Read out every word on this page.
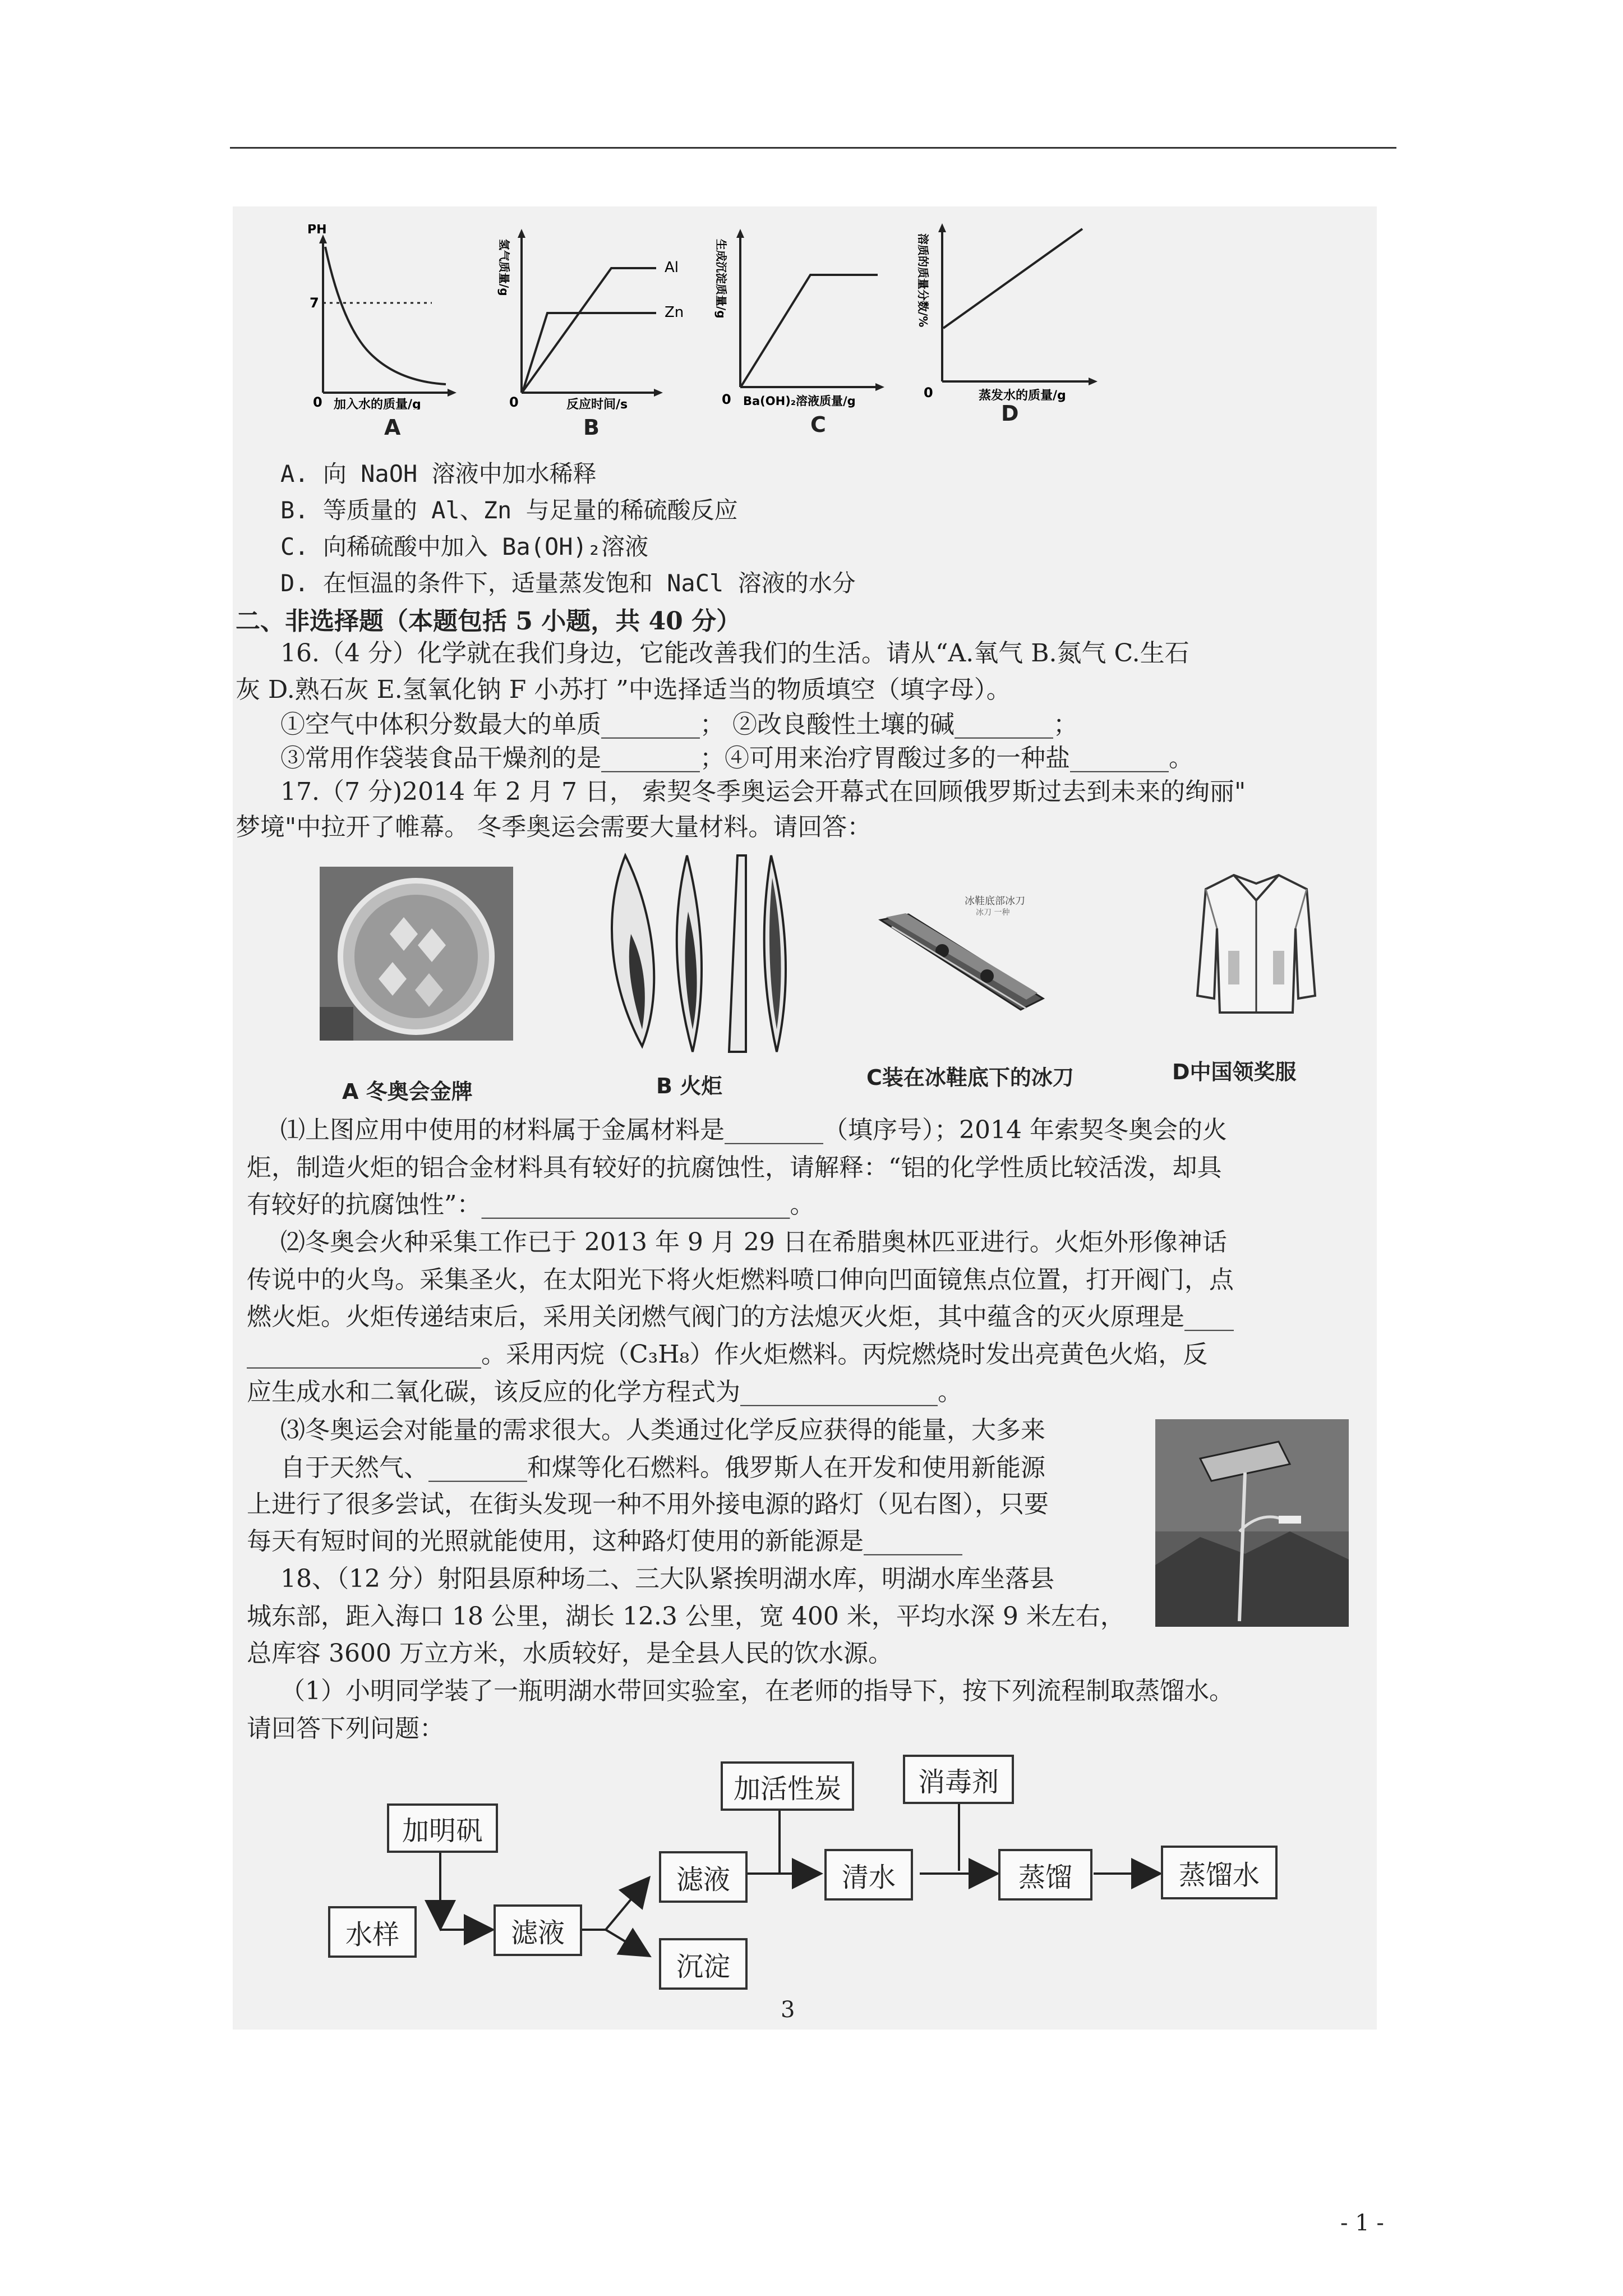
PH
7
0 加入水的质量/g
A
氢气质量/g	Al
Zn
0	反应时间/s
B
生成沉淀质量/g
0 Ba(OH)₂溶液质量/g
C
溶质的质量分数/%
0	蒸发水的质量/g
D
A. 向 NaOH 溶液中加水稀释
B. 等质量的 Al、Zn 与足量的稀硫酸反应
C. 向稀硫酸中加入 Ba(OH)₂溶液
D. 在恒温的条件下，适量蒸发饱和 NaCl 溶液的水分
二、非选择题（本题包括 5 小题，共 40 分）
16.（4 分）化学就在我们身边，它能改善我们的生活。请从“A.氧气 B.氮气 C.生石
灰 D.熟石灰 E.氢氧化钠 F 小苏打 ”中选择适当的物质填空（填字母）。
①空气中体积分数最大的单质________； ②改良酸性土壤的碱________；
③常用作袋装食品干燥剂的是________；④可用来治疗胃酸过多的一种盐________。
17.（7 分)2014 年 2 月 7 日， 索契冬季奥运会开幕式在回顾俄罗斯过去到未来的绚丽"
梦境"中拉开了帷幕。 冬季奥运会需要大量材料。请回答：
冰鞋底部冰刀
冰刀 一种
A 冬奥会金牌	B 火炬	C装在冰鞋底下的冰刀	D中国领奖服
⑴上图应用中使用的材料属于金属材料是________（填序号）；2014 年索契冬奥会的火
炬，制造火炬的铝合金材料具有较好的抗腐蚀性，请解释：“铝的化学性质比较活泼，却具
有较好的抗腐蚀性”：_________________________。
⑵冬奥会火种采集工作已于 2013 年 9 月 29 日在希腊奥林匹亚进行。火炬外形像神话
传说中的火鸟。采集圣火，在太阳光下将火炬燃料喷口伸向凹面镜焦点位置，打开阀门，点
燃火炬。火炬传递结束后，采用关闭燃气阀门的方法熄灭火炬，其中蕴含的灭火原理是____
___________________。采用丙烷（C₃H₈）作火炬燃料。丙烷燃烧时发出亮黄色火焰，反
应生成水和二氧化碳，该反应的化学方程式为________________。
⑶冬奥运会对能量的需求很大。人类通过化学反应获得的能量，大多来
自于天然气、________和煤等化石燃料。俄罗斯人在开发和使用新能源
上进行了很多尝试，在街头发现一种不用外接电源的路灯（见右图），只要
每天有短时间的光照就能使用，这种路灯使用的新能源是________
18、（12 分）射阳县原种场二、三大队紧挨明湖水库，明湖水库坐落县
城东部，距入海口 18 公里，湖长 12.3 公里，宽 400 米，平均水深 9 米左右，
总库容 3600 万立方米，水质较好，是全县人民的饮水源。
（1）小明同学装了一瓶明湖水带回实验室，在老师的指导下，按下列流程制取蒸馏水。
请回答下列问题：
加明矾
水样	滤液
滤液
沉淀
加活性炭
清水
消毒剂
蒸馏	蒸馏水
3
- 1 -
